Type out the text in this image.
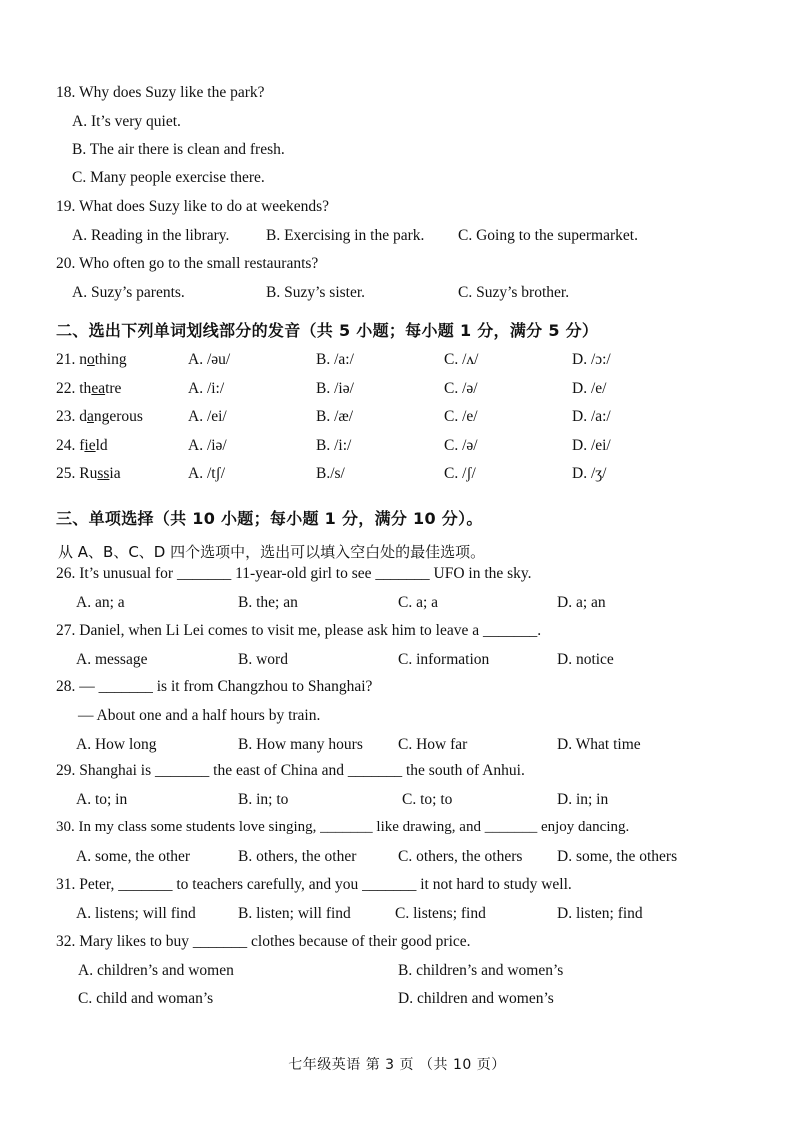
18. Why does Suzy like the park?
A. It’s very quiet.
B. The air there is clean and fresh.
C. Many people exercise there.
19. What does Suzy like to do at weekends?
A. Reading in the library. B. Exercising in the park. C. Going to the supermarket.
20. Who often go to the small restaurants?
A. Suzy’s parents.	B. Suzy’s sister.	C. Suzy’s brother.
二、选出下列单词划线部分的发音（共 5 小题；每小题 1 分，满分 5 分）
21. nothing	A. /əu/	B. /a:/	C. /ʌ/	D. /ɔ:/
22. theatre	A. /i:/	B. /iə/	C. /ə/	D. /e/
23. dangerous	A. /ei/	B. /æ/	C. /e/	D. /a:/
24. field	A. /iə/	B. /i:/	C. /ə/	D. /ei/
25. Russia	A. /tʃ/	B./s/	C. /ʃ/	D. /ʒ/
三、单项选择（共 10 小题；每小题 1 分，满分 10 分）。
从 A、B、C、D 四个选项中，选出可以填入空白处的最佳选项。
26. It’s unusual for _______ 11-year-old girl to see _______ UFO in the sky.
A. an; a	B. the; an	C. a; a	D. a; an
27. Daniel, when Li Lei comes to visit me, please ask him to leave a _______.
A. message	B. word	C. information	D. notice
28. — _______ is it from Changzhou to Shanghai?
— About one and a half hours by train.
A. How long	B. How many hours C. How far	D. What time
29. Shanghai is _______ the east of China and _______ the south of Anhui.
A. to; in	B. in; to	C. to; to	D. in; in
30. In my class some students love singing, _______ like drawing, and _______ enjoy dancing.
A. some, the other	B. others, the other	C. others, the others D. some, the others
31. Peter, _______ to teachers carefully, and you _______ it not hard to study well.
A. listens; will find	B. listen; will find	C. listens; find	D. listen; find
32. Mary likes to buy _______ clothes because of their good price.
A. children’s and women	B. children’s and women’s
C. child and woman’s	D. children and women’s
七年级英语 第 3 页 （共 10 页）
